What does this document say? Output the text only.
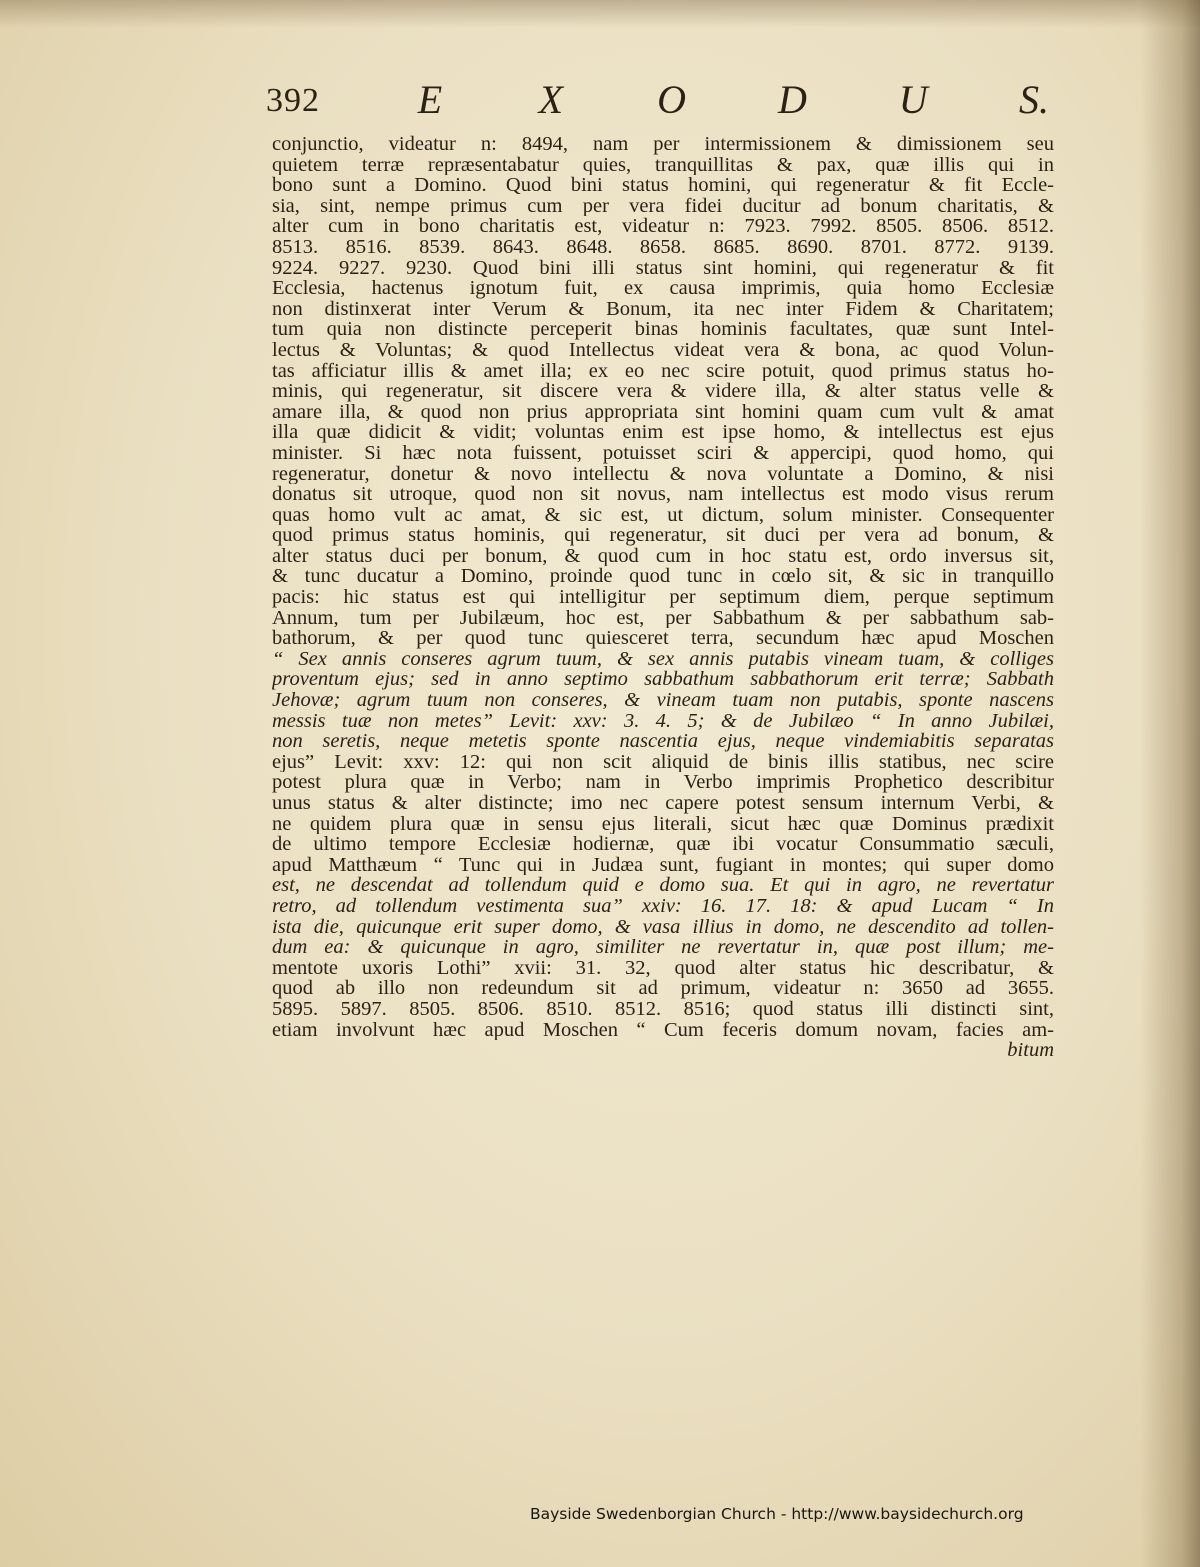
392 E X O D U S.
conjunctio, videatur n: 8494, nam per intermissionem & dimissionem seu
quietem terræ repræsentabatur quies, tranquillitas & pax, quæ illis qui in
bono sunt a Domino. Quod bini status homini, qui regeneratur & fit Eccle-
sia, sint, nempe primus cum per vera fidei ducitur ad bonum charitatis, &
alter cum in bono charitatis est, videatur n: 7923. 7992. 8505. 8506. 8512.
8513. 8516. 8539. 8643. 8648. 8658. 8685. 8690. 8701. 8772. 9139.
9224. 9227. 9230. Quod bini illi status sint homini, qui regeneratur & fit
Ecclesia, hactenus ignotum fuit, ex causa imprimis, quia homo Ecclesiæ
non distinxerat inter Verum & Bonum, ita nec inter Fidem & Charitatem;
tum quia non distincte perceperit binas hominis facultates, quæ sunt Intel-
lectus & Voluntas; & quod Intellectus videat vera & bona, ac quod Volun-
tas afficiatur illis & amet illa; ex eo nec scire potuit, quod primus status ho-
minis, qui regeneratur, sit discere vera & videre illa, & alter status velle &
amare illa, & quod non prius appropriata sint homini quam cum vult & amat
illa quæ didicit & vidit; voluntas enim est ipse homo, & intellectus est ejus
minister. Si hæc nota fuissent, potuisset sciri & appercipi, quod homo, qui
regeneratur, donetur & novo intellectu & nova voluntate a Domino, & nisi
donatus sit utroque, quod non sit novus, nam intellectus est modo visus rerum
quas homo vult ac amat, & sic est, ut dictum, solum minister. Consequenter
quod primus status hominis, qui regeneratur, sit duci per vera ad bonum, &
alter status duci per bonum, & quod cum in hoc statu est, ordo inversus sit,
& tunc ducatur a Domino, proinde quod tunc in cœlo sit, & sic in tranquillo
pacis: hic status est qui intelligitur per septimum diem, perque septimum
Annum, tum per Jubilæum, hoc est, per Sabbathum & per sabbathum sab-
bathorum, & per quod tunc quiesceret terra, secundum hæc apud Moschen
“ Sex annis conseres agrum tuum, & sex annis putabis vineam tuam, & colliges
proventum ejus; sed in anno septimo sabbathum sabbathorum erit terræ; Sabbath
Jehovæ; agrum tuum non conseres, & vineam tuam non putabis, sponte nascens
messis tuæ non metes” Levit: xxv: 3. 4. 5; & de Jubilæo “ In anno Jubilæi,
non seretis, neque metetis sponte nascentia ejus, neque vindemiabitis separatas
ejus” Levit: xxv: 12: qui non scit aliquid de binis illis statibus, nec scire
potest plura quæ in Verbo; nam in Verbo imprimis Prophetico describitur
unus status & alter distincte; imo nec capere potest sensum internum Verbi, &
ne quidem plura quæ in sensu ejus literali, sicut hæc quæ Dominus prædixit
de ultimo tempore Ecclesiæ hodiernæ, quæ ibi vocatur Consummatio sæculi,
apud Matthæum “ Tunc qui in Judæa sunt, fugiant in montes; qui super domo
est, ne descendat ad tollendum quid e domo sua. Et qui in agro, ne revertatur
retro, ad tollendum vestimenta sua” xxiv: 16. 17. 18: & apud Lucam “ In
ista die, quicunque erit super domo, & vasa illius in domo, ne descendito ad tollen-
dum ea: & quicunque in agro, similiter ne revertatur in, quæ post illum; me-
mentote uxoris Lothi” xvii: 31. 32, quod alter status hic describatur, &
quod ab illo non redeundum sit ad primum, videatur n: 3650 ad 3655.
5895. 5897. 8505. 8506. 8510. 8512. 8516; quod status illi distincti sint,
etiam involvunt hæc apud Moschen “ Cum feceris domum novam, facies am-
bitum
Bayside Swedenborgian Church - http://www.baysidechurch.org
